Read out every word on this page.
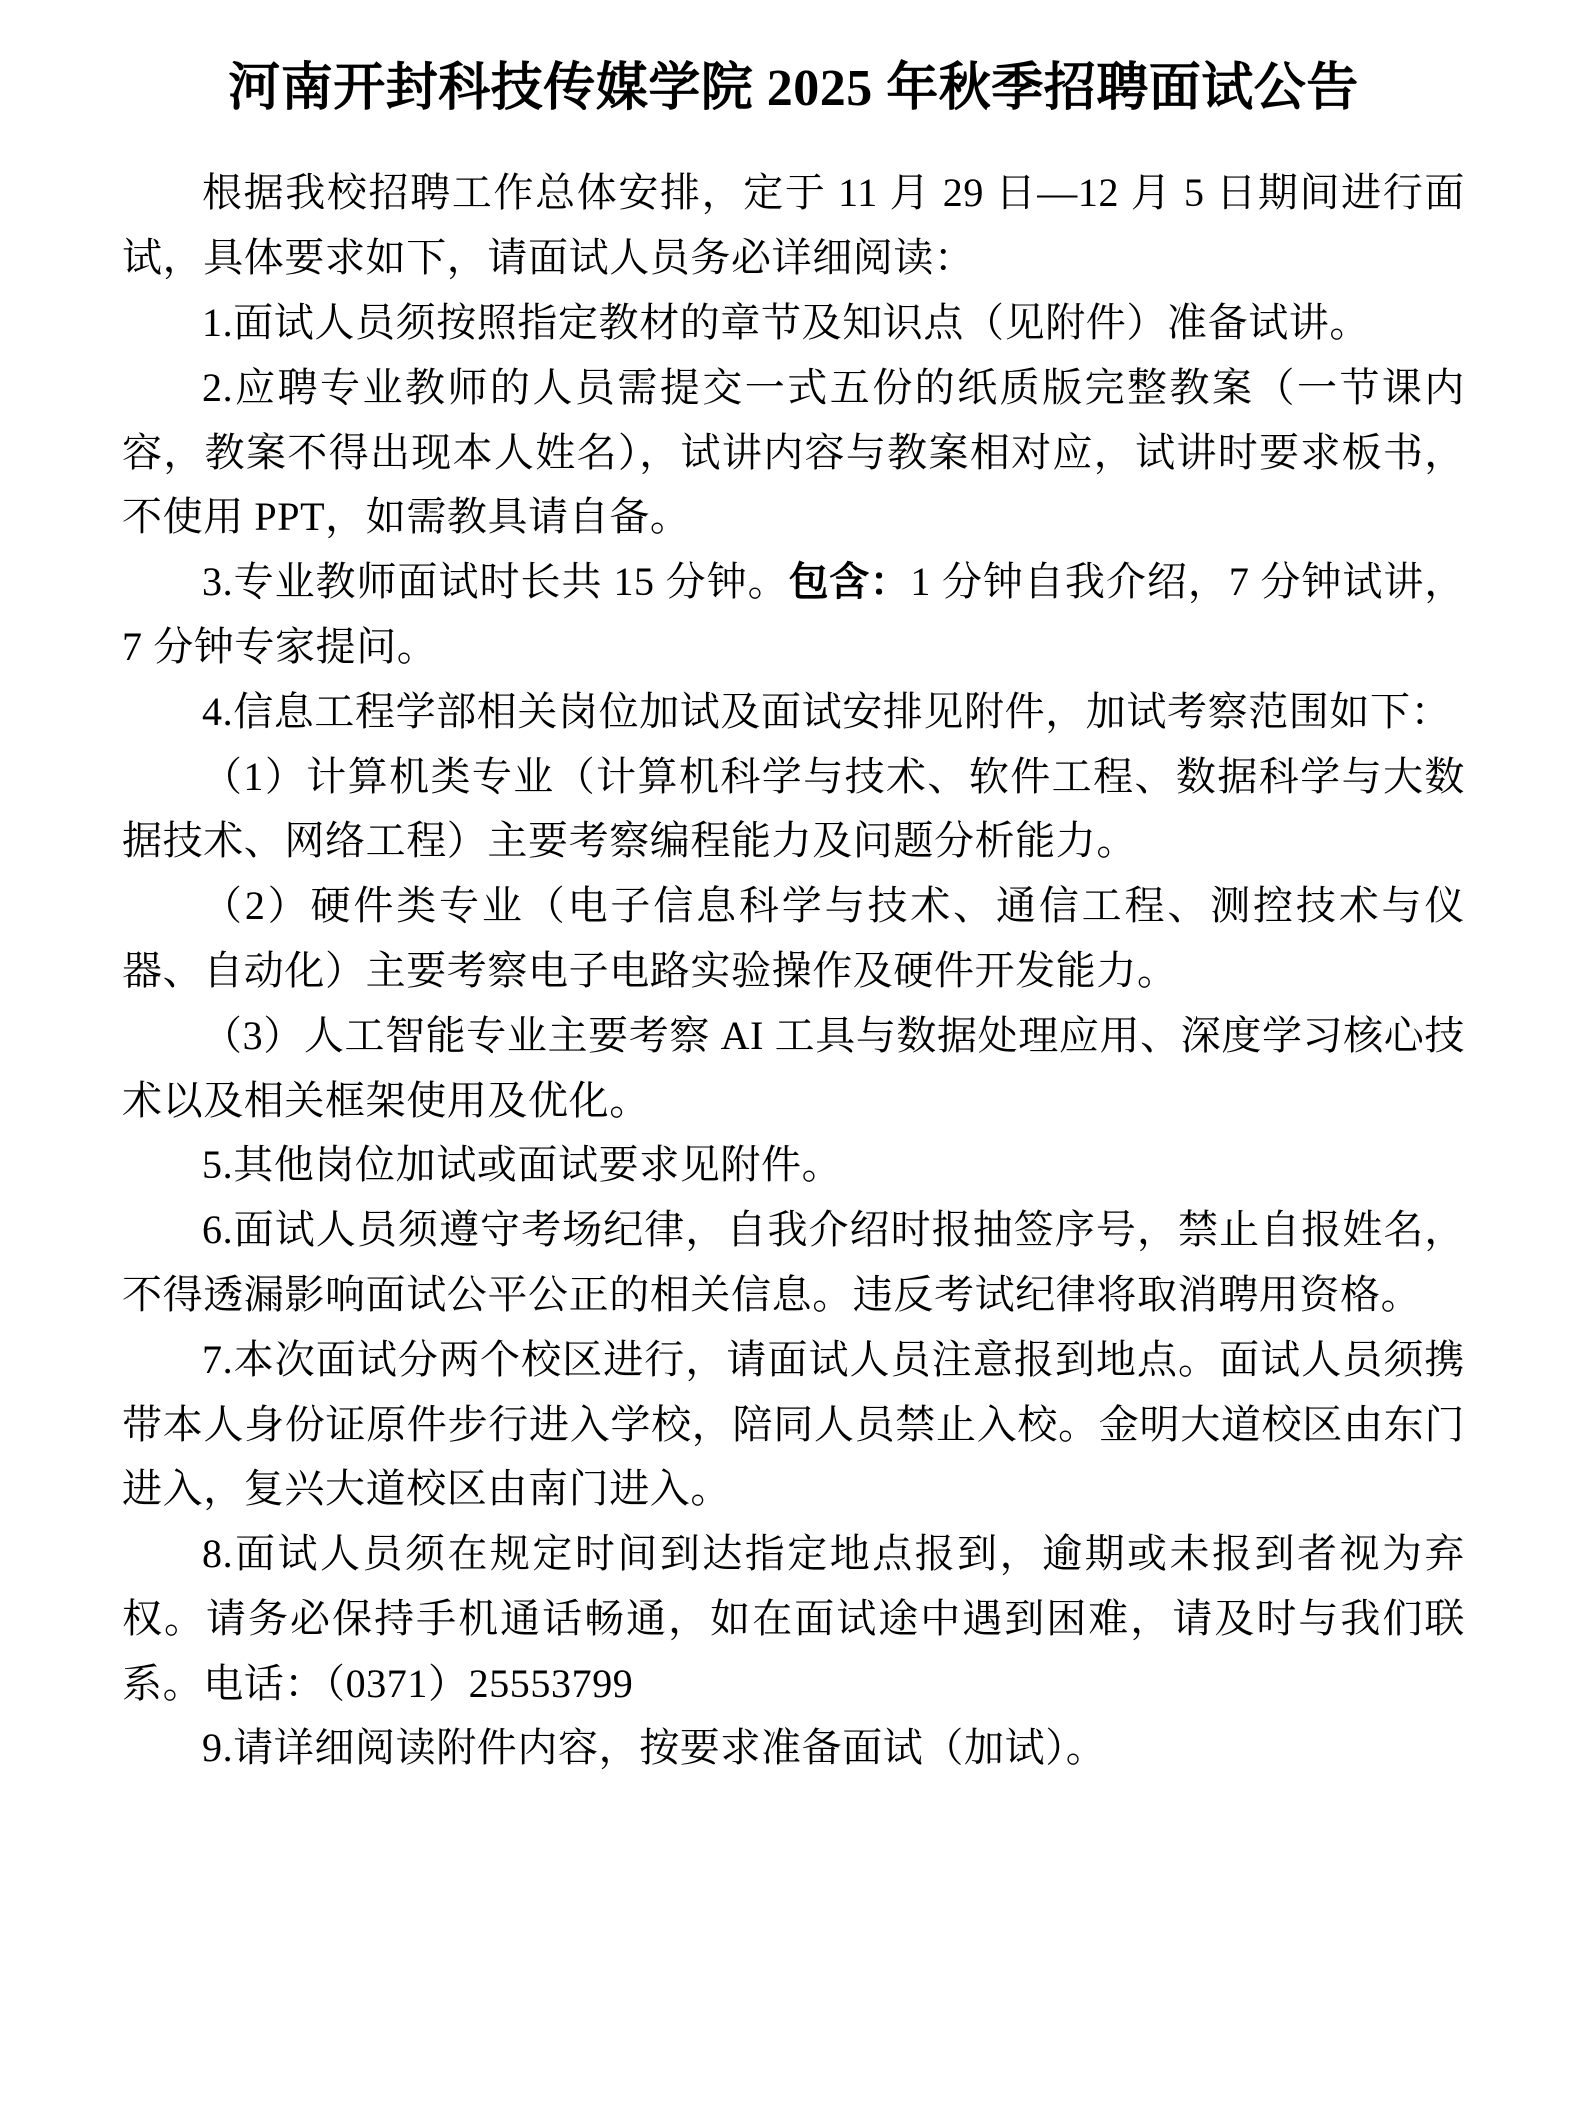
河南开封科技传媒学院 2025 年秋季招聘面试公告

根据我校招聘工作总体安排，定于 11 月 29 日—12 月 5 日期间进行面试，具体要求如下，请面试人员务必详细阅读：

1.面试人员须按照指定教材的章节及知识点（见附件）准备试讲。

2.应聘专业教师的人员需提交一式五份的纸质版完整教案（一节课内容，教案不得出现本人姓名），试讲内容与教案相对应，试讲时要求板书，不使用 PPT，如需教具请自备。

3.专业教师面试时长共 15 分钟。包含：1 分钟自我介绍，7 分钟试讲，7 分钟专家提问。

4.信息工程学部相关岗位加试及面试安排见附件，加试考察范围如下：

（1）计算机类专业（计算机科学与技术、软件工程、数据科学与大数据技术、网络工程）主要考察编程能力及问题分析能力。

（2）硬件类专业（电子信息科学与技术、通信工程、测控技术与仪器、自动化）主要考察电子电路实验操作及硬件开发能力。

（3）人工智能专业主要考察 AI 工具与数据处理应用、深度学习核心技术以及相关框架使用及优化。

5.其他岗位加试或面试要求见附件。

6.面试人员须遵守考场纪律，自我介绍时报抽签序号，禁止自报姓名，不得透漏影响面试公平公正的相关信息。违反考试纪律将取消聘用资格。

7.本次面试分两个校区进行，请面试人员注意报到地点。面试人员须携带本人身份证原件步行进入学校，陪同人员禁止入校。金明大道校区由东门进入，复兴大道校区由南门进入。

8.面试人员须在规定时间到达指定地点报到，逾期或未报到者视为弃权。请务必保持手机通话畅通，如在面试途中遇到困难，请及时与我们联系。电话：（0371）25553799

9.请详细阅读附件内容，按要求准备面试（加试）。
